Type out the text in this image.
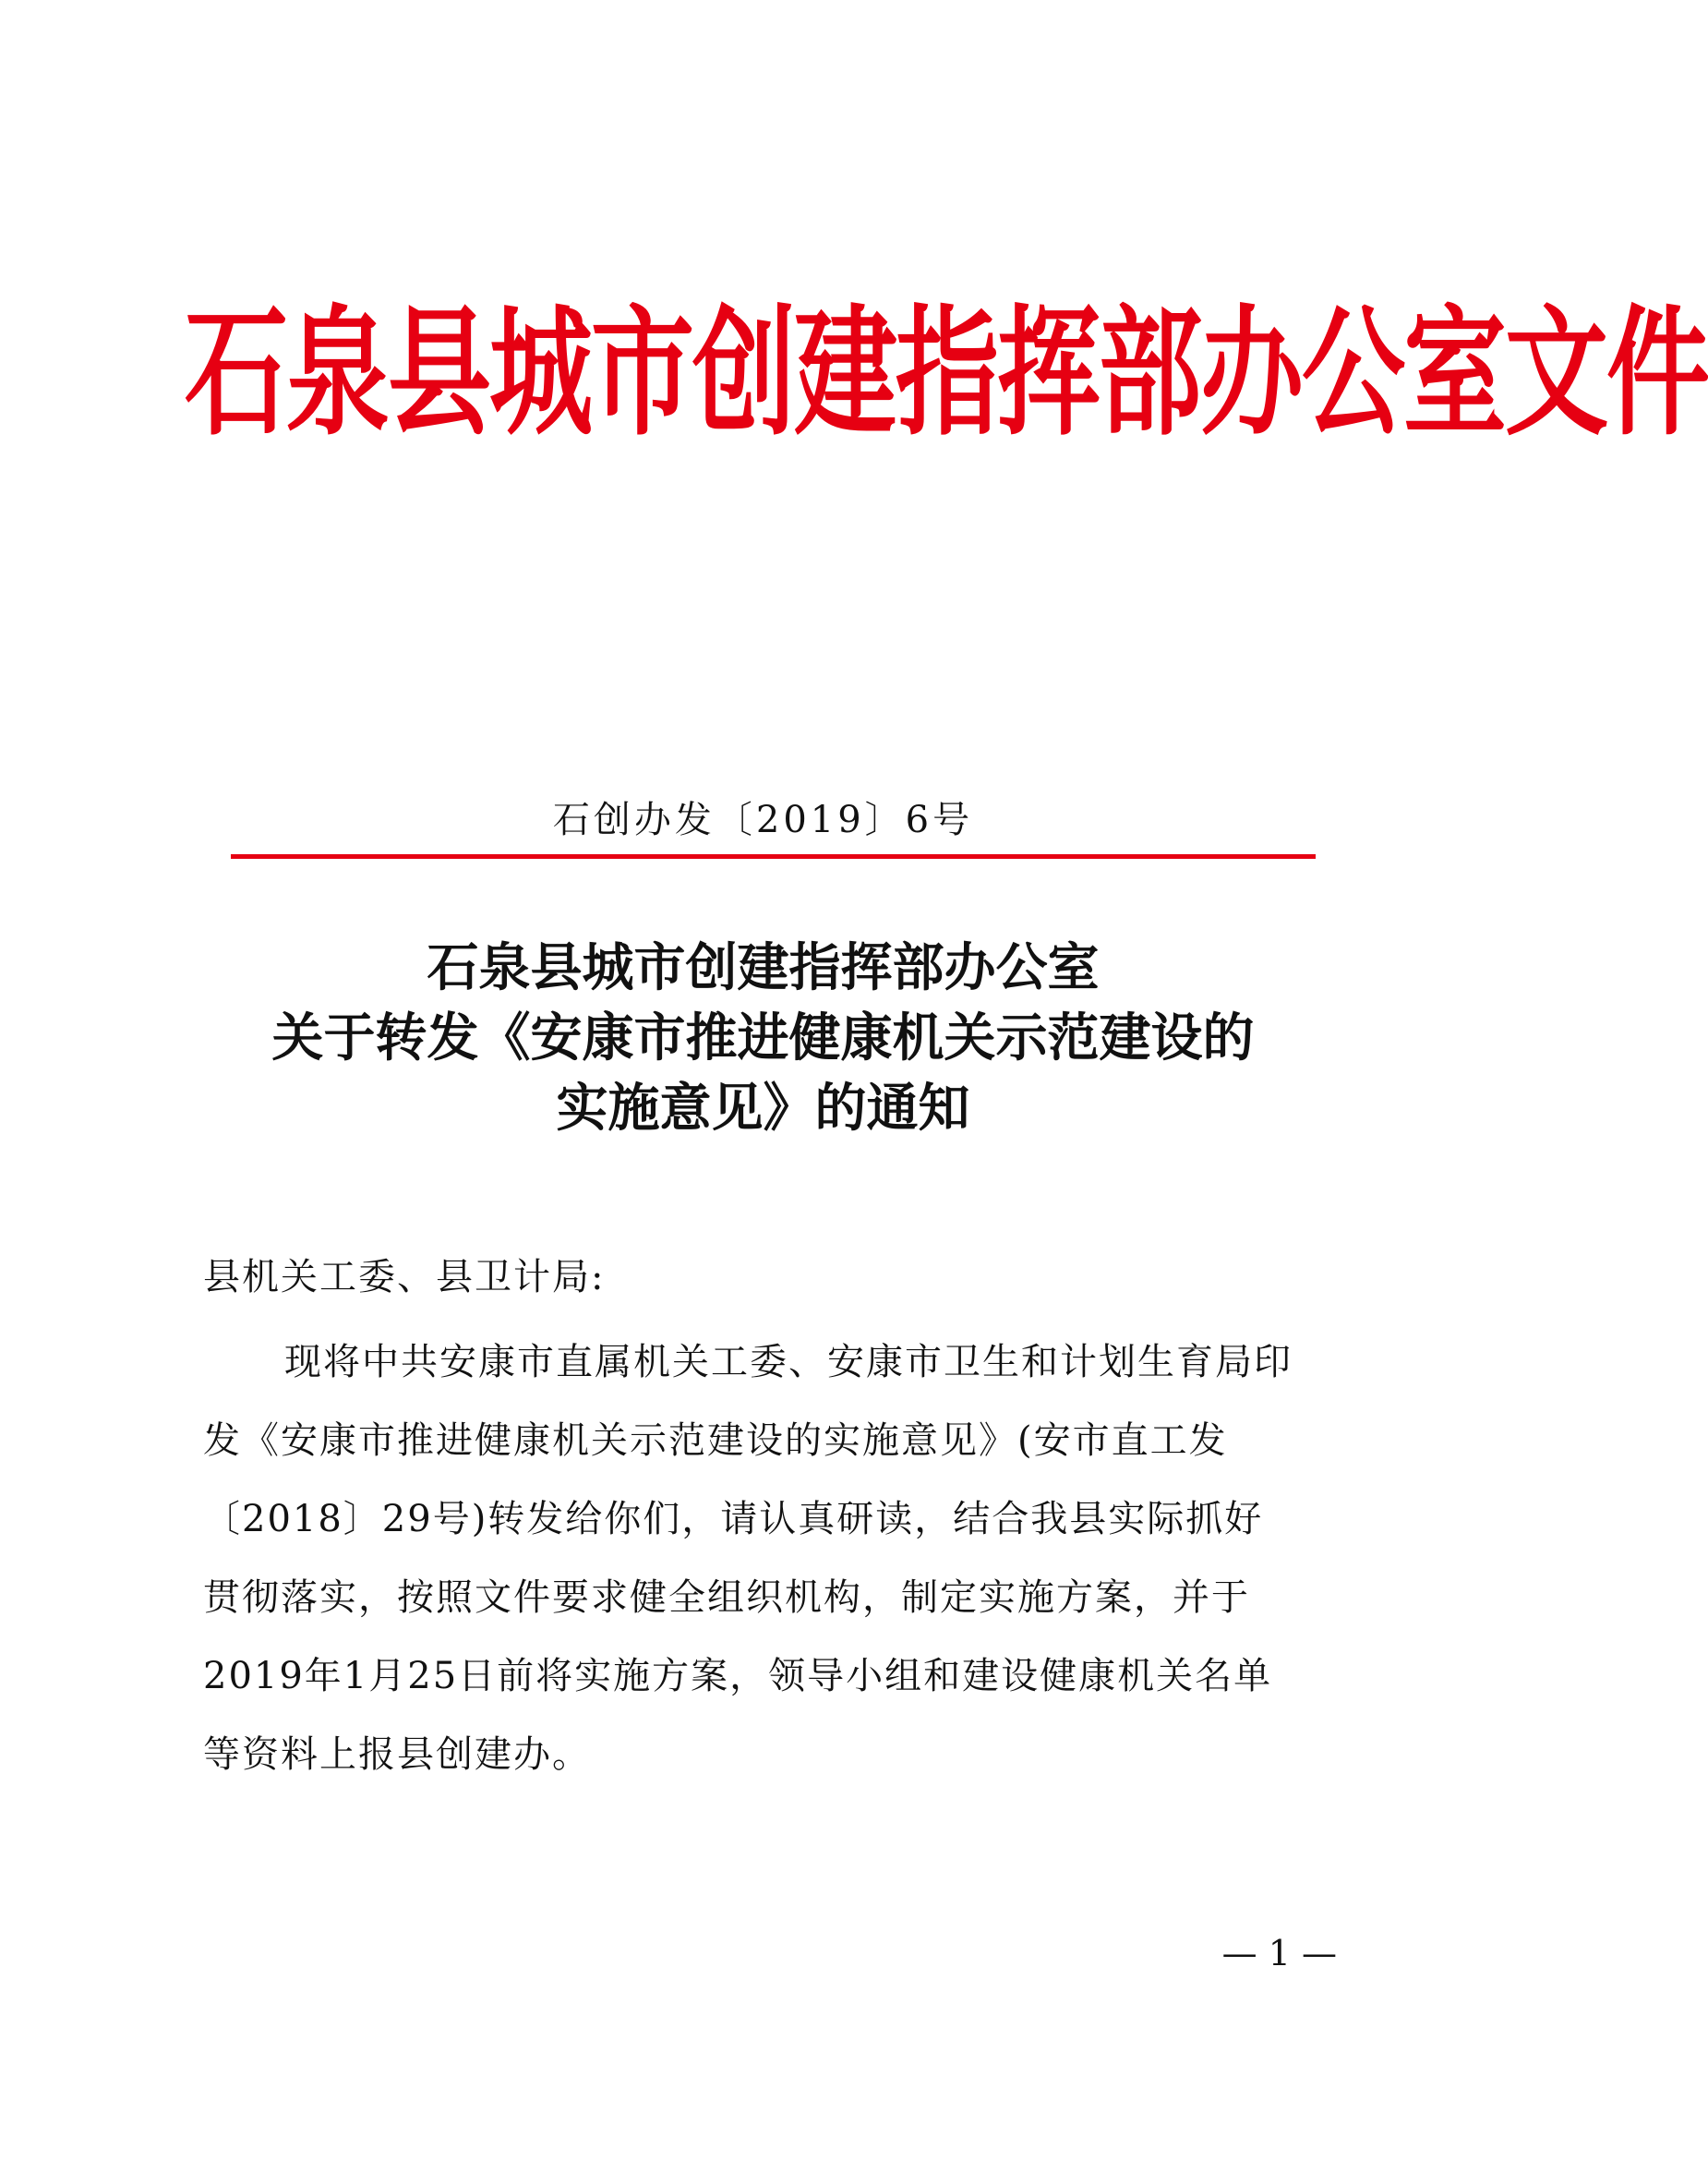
石泉县城市创建指挥部办公室文件
石创办发〔2019〕6号
石泉县城市创建指挥部办公室
关于转发《安康市推进健康机关示范建设的
实施意见》的通知
县机关工委、县卫计局:
现将中共安康市直属机关工委、安康市卫生和计划生育局印
发《安康市推进健康机关示范建设的实施意见》(安市直工发
〔2018〕29号)转发给你们，请认真研读，结合我县实际抓好
贯彻落实，按照文件要求健全组织机构，制定实施方案，并于
2019年1月25日前将实施方案，领导小组和建设健康机关名单
等资料上报县创建办。
— 1 —
